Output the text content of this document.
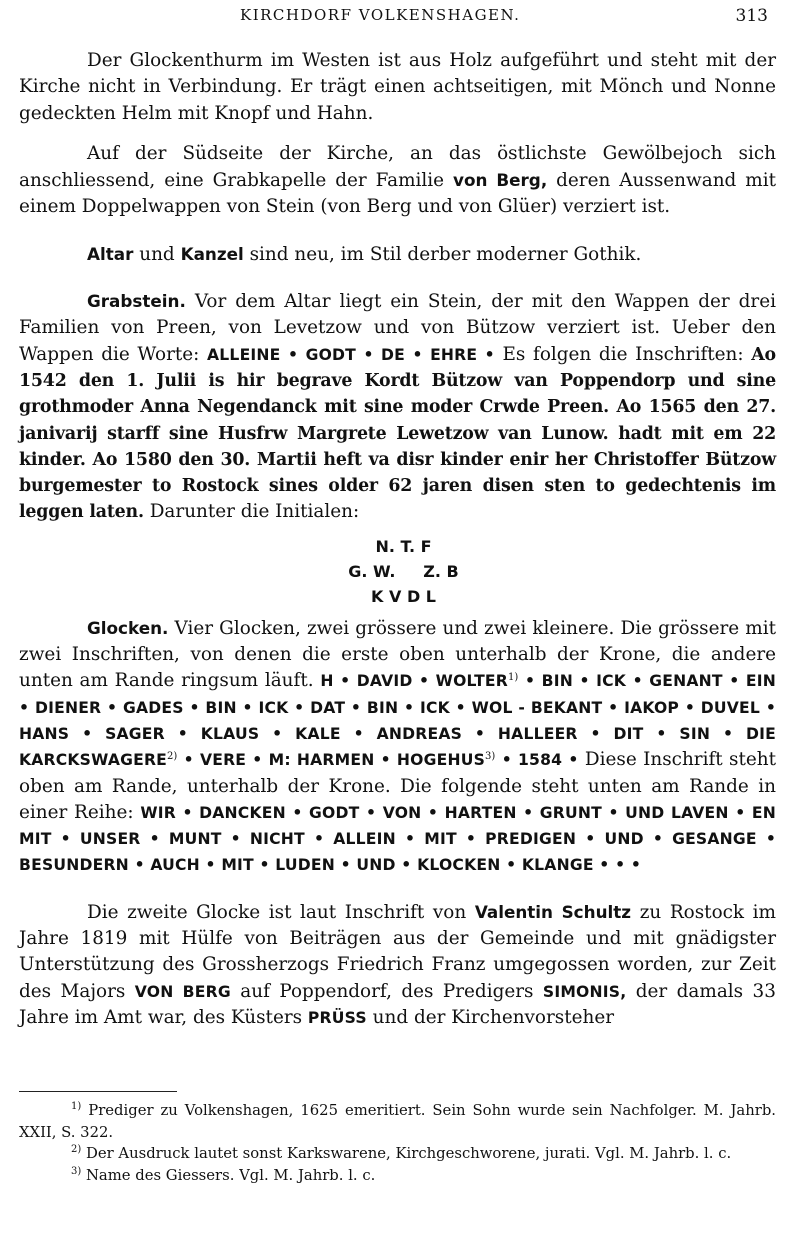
KIRCHDORF VOLKENSHAGEN.	313

Der Glockenthurm im Westen ist aus Holz aufgeführt und steht mit der Kirche nicht in Verbindung. Er trägt einen achtseitigen, mit Mönch und Nonne gedeckten Helm mit Knopf und Hahn.

Auf der Südseite der Kirche, an das östlichste Gewölbejoch sich anschliessend, eine Grabkapelle der Familie von Berg, deren Aussenwand mit einem Doppelwappen von Stein (von Berg und von Glüer) verziert ist.

Altar und Kanzel sind neu, im Stil derber moderner Gothik.

Grabstein. Vor dem Altar liegt ein Stein, der mit den Wappen der drei Familien von Preen, von Levetzow und von Bützow verziert ist. Ueber den Wappen die Worte: ALLEINE • GODT • DE • EHRE • Es folgen die Inschriften: Ao 1542 den 1. Julii is hir begrave Kordt Bützow van Poppendorp und sine grothmoder Anna Negendanck mit sine moder Crwde Preen. Ao 1565 den 27. janivarij starff sine Husfrw Margrete Lewetzow van Lunow. hadt mit em 22 kinder. Ao 1580 den 30. Martii heft va disr kinder enir her Christoffer Bützow burgemester to Rostock sines older 62 jaren disen sten to gedechtenis im leggen laten. Darunter die Initialen:

N. T. F
G. W.     Z. B
K V D L

Glocken. Vier Glocken, zwei grössere und zwei kleinere. Die grössere mit zwei Inschriften, von denen die erste oben unterhalb der Krone, die andere unten am Rande ringsum läuft. H • DAVID • WOLTER$^{1)}$ • BIN • ICK • GENANT • EIN • DIENER • GADES • BIN • ICK • DAT • BIN • ICK • WOL - BEKANT • IAKOP • DUVEL • HANS • SAGER • KLAUS • KALE • ANDREAS • HALLEER • DIT • SIN • DIE KARCKSWAGERE$^{2)}$ • VERE • M: HARMEN • HOGEHUS$^{3)}$ • 1584 • Diese Inschrift steht oben am Rande, unterhalb der Krone. Die folgende steht unten am Rande in einer Reihe: WIR • DANCKEN • GODT • VON • HARTEN • GRUNT • UND LAVEN • EN MIT • UNSER • MUNT • NICHT • ALLEIN • MIT • PREDIGEN • UND • GESANGE • BESUNDERN • AUCH • MIT • LUDEN • UND • KLOCKEN • KLANGE • • •

Die zweite Glocke ist laut Inschrift von Valentin Schultz zu Rostock im Jahre 1819 mit Hülfe von Beiträgen aus der Gemeinde und mit gnädigster Unterstützung des Grossherzogs Friedrich Franz umgegossen worden, zur Zeit des Majors VON BERG auf Poppendorf, des Predigers SIMONIS, der damals 33 Jahre im Amt war, des Küsters PRÜSS und der Kirchenvorsteher

$^{1)}$ Prediger zu Volkenshagen, 1625 emeritiert. Sein Sohn wurde sein Nachfolger. M. Jahrb. XXII, S. 322.

$^{2)}$ Der Ausdruck lautet sonst Karkswarene, Kirchgeschworene, jurati. Vgl. M. Jahrb. l. c.

$^{3)}$ Name des Giessers. Vgl. M. Jahrb. l. c.
